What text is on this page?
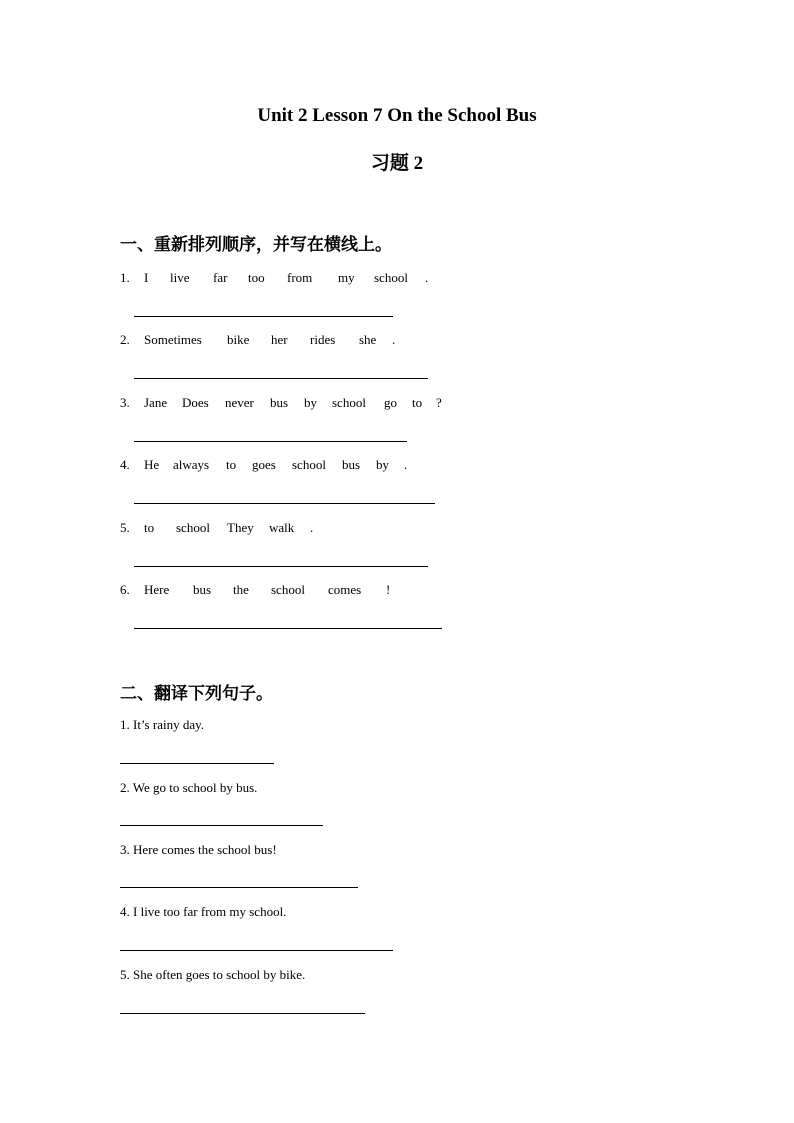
Unit 2 Lesson 7 On the School Bus
习题 2
一、重新排列顺序，并写在横线上。
1. I live far too from my school .
2. Sometimes bike her rides she .
3. Jane Does never bus by school go to ?
4. He always to goes school bus by .
5. to school They walk .
6. Here bus the school comes !
二、翻译下列句子。
1. It’s rainy day.
2. We go to school by bus.
3. Here comes the school bus!
4. I live too far from my school.
5. She often goes to school by bike.
